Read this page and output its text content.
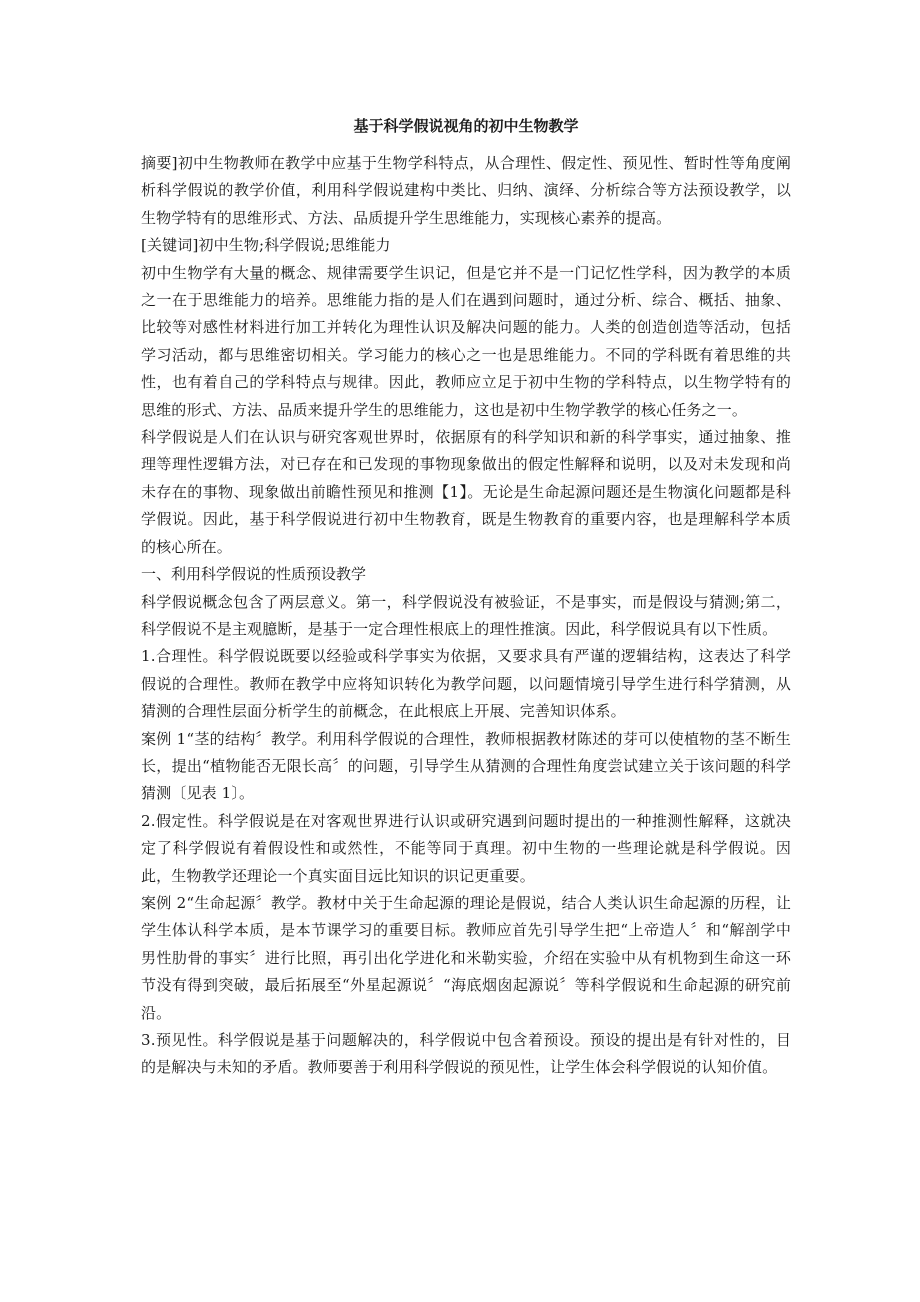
基于科学假说视角的初中生物教学

摘要]初中生物教师在教学中应基于生物学科特点，从合理性、假定性、预见性、暂时性等角度阐析科学假说的教学价值，利用科学假说建构中类比、归纳、演绎、分析综合等方法预设教学，以生物学特有的思维形式、方法、品质提升学生思维能力，实现核心素养的提高。

[关键词]初中生物;科学假说;思维能力

初中生物学有大量的概念、规律需要学生识记，但是它并不是一门记忆性学科，因为教学的本质之一在于思维能力的培养。思维能力指的是人们在遇到问题时，通过分析、综合、概括、抽象、比较等对感性材料进行加工并转化为理性认识及解决问题的能力。人类的创造创造等活动，包括学习活动，都与思维密切相关。学习能力的核心之一也是思维能力。不同的学科既有着思维的共性，也有着自己的学科特点与规律。因此，教师应立足于初中生物的学科特点，以生物学特有的思维的形式、方法、品质来提升学生的思维能力，这也是初中生物学教学的核心任务之一。

科学假说是人们在认识与研究客观世界时，依据原有的科学知识和新的科学事实，通过抽象、推理等理性逻辑方法，对已存在和已发现的事物现象做出的假定性解释和说明，以及对未发现和尚未存在的事物、现象做出前瞻性预见和推测【1】。无论是生命起源问题还是生物演化问题都是科学假说。因此，基于科学假说进行初中生物教育，既是生物教育的重要内容，也是理解科学本质的核心所在。

一、利用科学假说的性质预设教学

科学假说概念包含了两层意义。第一，科学假说没有被验证，不是事实，而是假设与猜测;第二，科学假说不是主观臆断，是基于一定合理性根底上的理性推演。因此，科学假说具有以下性质。

1.合理性。科学假说既要以经验或科学事实为依据，又要求具有严谨的逻辑结构，这表达了科学假说的合理性。教师在教学中应将知识转化为教学问题，以问题情境引导学生进行科学猜测，从猜测的合理性层面分析学生的前概念，在此根底上开展、完善知识体系。

案例 1“茎的结构〞教学。利用科学假说的合理性，教师根据教材陈述的芽可以使植物的茎不断生长，提出“植物能否无限长高〞的问题，引导学生从猜测的合理性角度尝试建立关于该问题的科学猜测〔见表 1〕。

2.假定性。科学假说是在对客观世界进行认识或研究遇到问题时提出的一种推测性解释，这就决定了科学假说有着假设性和或然性，不能等同于真理。初中生物的一些理论就是科学假说。因此，生物教学还理论一个真实面目远比知识的识记更重要。

案例 2“生命起源〞教学。教材中关于生命起源的理论是假说，结合人类认识生命起源的历程，让学生体认科学本质，是本节课学习的重要目标。教师应首先引导学生把“上帝造人〞和“解剖学中男性肋骨的事实〞进行比照，再引出化学进化和米勒实验，介绍在实验中从有机物到生命这一环节没有得到突破，最后拓展至“外星起源说〞“海底烟囱起源说〞等科学假说和生命起源的研究前沿。

3.预见性。科学假说是基于问题解决的，科学假说中包含着预设。预设的提出是有针对性的，目的是解决与未知的矛盾。教师要善于利用科学假说的预见性，让学生体会科学假说的认知价值。
